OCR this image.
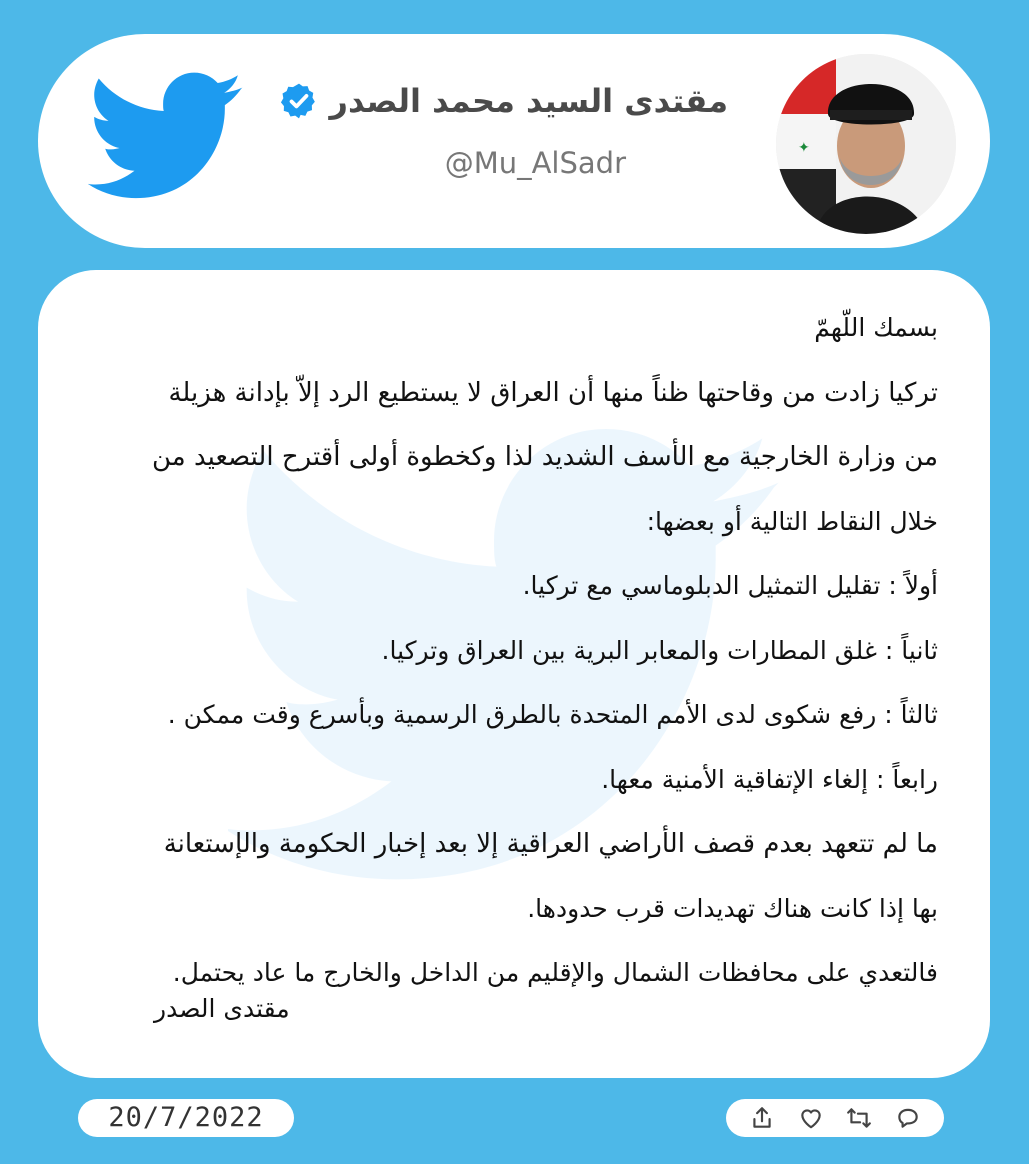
مقتدى السيد محمد الصدر
@Mu_AlSadr	✦
بسمك اللّهمّ
تركيا زادت من وقاحتها ظناً منها أن العراق لا يستطيع الرد إلاّ بإدانة هزيلة
من وزارة الخارجية مع الأسف الشديد لذا وكخطوة أولى أقترح التصعيد من
خلال النقاط التالية أو بعضها:
أولاً : تقليل التمثيل الدبلوماسي مع تركيا.
ثانياً : غلق المطارات والمعابر البرية بين العراق وتركيا.
ثالثاً : رفع شكوى لدى الأمم المتحدة بالطرق الرسمية وبأسرع وقت ممكن .
رابعاً : إلغاء الإتفاقية الأمنية معها.
ما لم تتعهد بعدم قصف الأراضي العراقية إلا بعد إخبار الحكومة والإستعانة
بها إذا كانت هناك تهديدات قرب حدودها.
فالتعدي على محافظات الشمال والإقليم من الداخل والخارج ما عاد يحتمل.
مقتدى الصدر
20/7/2022
